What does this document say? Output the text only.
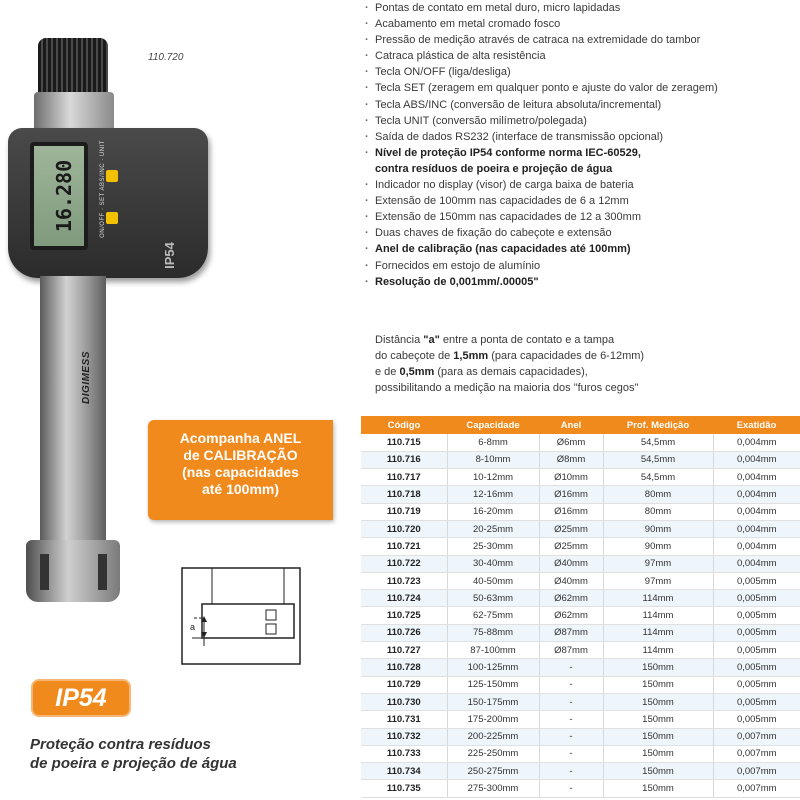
110.720
16.280	ON/OFF · SET ABS/INC · UNIT
IP54
DIGIMESS
Acompanha ANEL
de CALIBRAÇÃO
(nas capacidades
até 100mm)
a
IP54
Proteção contra resíduos
de poeira e projeção de água
· Pontas de contato em metal duro, micro lapidadas
· Acabamento em metal cromado fosco
· Pressão de medição através de catraca na extremidade do tambor
· Catraca plástica de alta resistência
· Tecla ON/OFF (liga/desliga)
· Tecla SET (zeragem em qualquer ponto e ajuste do valor de zeragem)
· Tecla ABS/INC (conversão de leitura absoluta/incremental)
· Tecla UNIT (conversão milímetro/polegada)
· Saída de dados RS232 (interface de transmissão opcional)
· Nível de proteção IP54 conforme norma IEC-60529,
contra resíduos de poeira e projeção de água
· Indicador no display (visor) de carga baixa de bateria
· Extensão de 100mm nas capacidades de 6 a 12mm
· Extensão de 150mm nas capacidades de 12 a 300mm
· Duas chaves de fixação do cabeçote e extensão
· Anel de calibração (nas capacidades até 100mm)
· Fornecidos em estojo de alumínio
· Resolução de 0,001mm/.00005"

Distância "a" entre a ponta de contato e a tampa

do cabeçote de 1,5mm (para capacidades de 6-12mm)

e de 0,5mm (para as demais capacidades),

possibilitando a medição na maioria dos "furos cegos"

Código	Capacidade	Anel	Prof. Medição	Exatidão
110.715	6-8mm	Ø6mm	54,5mm	0,004mm
110.716	8-10mm	Ø8mm	54,5mm	0,004mm
110.717	10-12mm	Ø10mm	54,5mm	0,004mm
110.718	12-16mm	Ø16mm	80mm	0,004mm
110.719	16-20mm	Ø16mm	80mm	0,004mm
110.720	20-25mm	Ø25mm	90mm	0,004mm
110.721	25-30mm	Ø25mm	90mm	0,004mm
110.722	30-40mm	Ø40mm	97mm	0,004mm
110.723	40-50mm	Ø40mm	97mm	0,005mm
110.724	50-63mm	Ø62mm	114mm	0,005mm
110.725	62-75mm	Ø62mm	114mm	0,005mm
110.726	75-88mm	Ø87mm	114mm	0,005mm
110.727	87-100mm	Ø87mm	114mm	0,005mm
110.728	100-125mm	-	150mm	0,005mm
110.729	125-150mm	-	150mm	0,005mm
110.730	150-175mm	-	150mm	0,005mm
110.731	175-200mm	-	150mm	0,005mm
110.732	200-225mm	-	150mm	0,007mm
110.733	225-250mm	-	150mm	0,007mm
110.734	250-275mm	-	150mm	0,007mm
110.735	275-300mm	-	150mm	0,007mm
